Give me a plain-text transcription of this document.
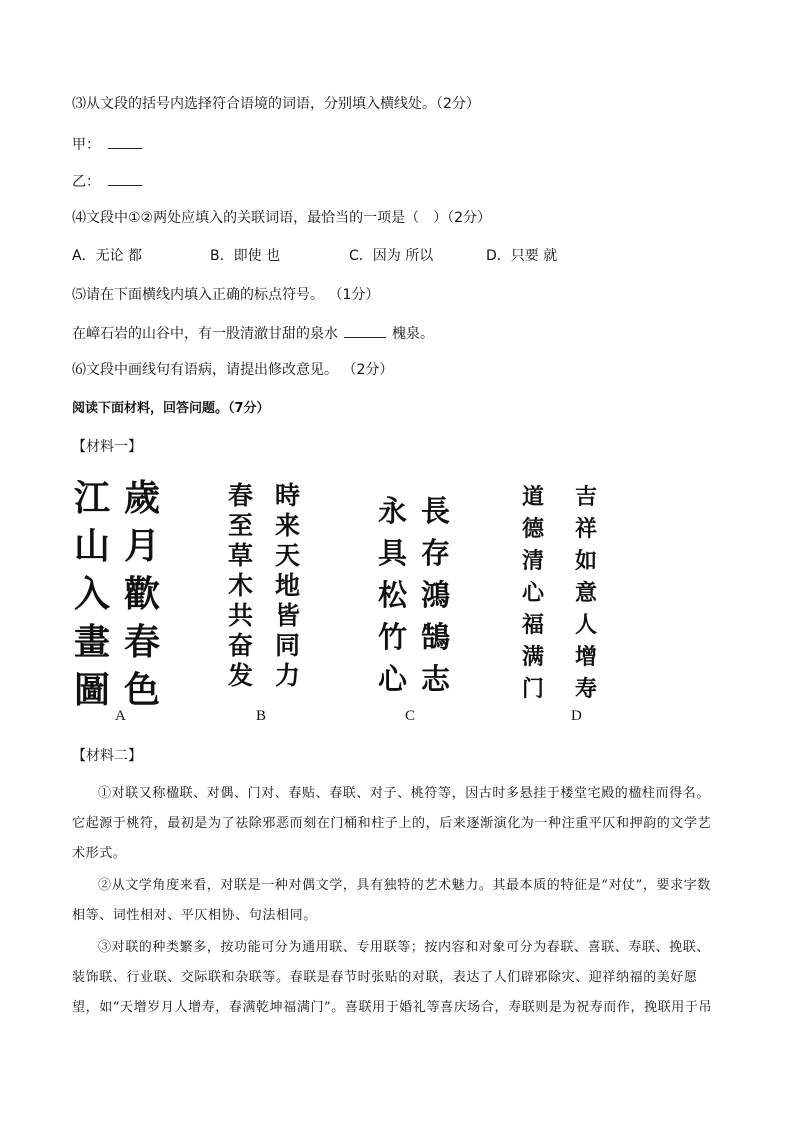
⑶从文段的括号内选择符合语境的词语，分别填入横线处。（2分）
甲：
乙：
⑷文段中①②两处应填入的关联词语，最恰当的一项是（　）（2分）
A．无论 都	B．即使 也	C．因为 所以	D．只要 就
⑸请在下面横线内填入正确的标点符号。 （1分）
在嶂石岩的山谷中，有一股清澈甘甜的泉水	槐泉。
⑹文段中画线句有语病，请提出修改意见。 （2分）
阅读下面材料，回答问题。（7分）
【材料一】
江
山
入
畫
圖
歲
月
歡
春
色
春
至
草
木
共
奋
发
時
来
天
地
皆
同
力
永
具
松
竹
心
長
存
鴻
鵠
志
道
德
清
心
福
满
门
吉
祥
如
意
人
增
寿
A	B	C	D
【材料二】
①对联又称楹联、对偶、门对、春贴、春联、对子、桃符等，因古时多悬挂于楼堂宅殿的楹柱而得名。它起源于桃符，最初是为了祛除邪恶而刻在门桶和柱子上的，后来逐渐演化为一种注重平仄和押韵的文学艺术形式。
②从文学角度来看，对联是一种对偶文学，具有独特的艺术魅力。其最本质的特征是“对仗”，要求字数相等、词性相对、平仄相协、句法相同。
③对联的种类繁多，按功能可分为通用联、专用联等；按内容和对象可分为春联、喜联、寿联、挽联、装饰联、行业联、交际联和杂联等。春联是春节时张贴的对联，表达了人们辟邪除灾、迎祥纳福的美好愿望，如“天增岁月人增寿，春满乾坤福满门”。喜联用于婚礼等喜庆场合，寿联则是为祝寿而作，挽联用于吊
